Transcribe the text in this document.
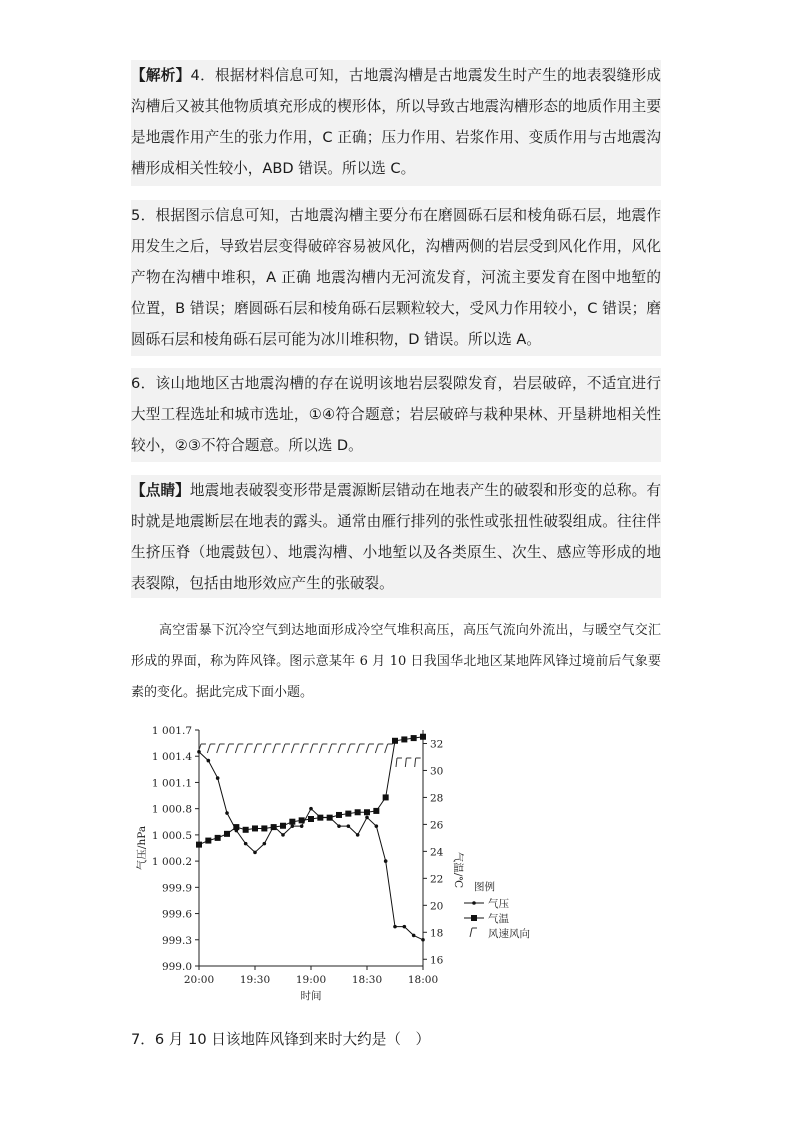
【解析】4．根据材料信息可知，古地震沟槽是古地震发生时产生的地表裂缝形成沟槽后又被其他物质填充形成的楔形体，所以导致古地震沟槽形态的地质作用主要是地震作用产生的张力作用，C 正确；压力作用、岩浆作用、变质作用与古地震沟槽形成相关性较小，ABD 错误。所以选 C。

5．根据图示信息可知，古地震沟槽主要分布在磨圆砾石层和棱角砾石层，地震作用发生之后，导致岩层变得破碎容易被风化，沟槽两侧的岩层受到风化作用，风化产物在沟槽中堆积，A 正确 地震沟槽内无河流发育，河流主要发育在图中地堑的位置，B 错误；磨圆砾石层和棱角砾石层颗粒较大，受风力作用较小，C 错误；磨圆砾石层和棱角砾石层可能为冰川堆积物，D 错误。所以选 A。

6．该山地地区古地震沟槽的存在说明该地岩层裂隙发育，岩层破碎，不适宜进行大型工程选址和城市选址，①④符合题意；岩层破碎与栽种果林、开垦耕地相关性较小，②③不符合题意。所以选 D。

【点睛】地震地表破裂变形带是震源断层错动在地表产生的破裂和形变的总称。有时就是地震断层在地表的露头。通常由雁行排列的张性或张扭性破裂组成。往往伴生挤压脊（地震鼓包）、地震沟槽、小地堑以及各类原生、次生、感应等形成的地表裂隙，包括由地形效应产生的张破裂。

高空雷暴下沉冷空气到达地面形成冷空气堆积高压，高压气流向外流出，与暖空气交汇形成的界面，称为阵风锋。图示意某年 6 月 10 日我国华北地区某地阵风锋过境前后气象要素的变化。据此完成下面小题。

1 001.7
1 001.4
1 001.1
1 000.8
1 000.5
1 000.2
999.9
999.6
999.3
999.0
32
30
28
26
24
22
20
18
16
20:00 19:30 19:00 18:30 18:00
时间
气压/hPa	气温/℃ 图例
气压
气温
风速风向
7．6 月 10 日该地阵风锋到来时大约是（　）
